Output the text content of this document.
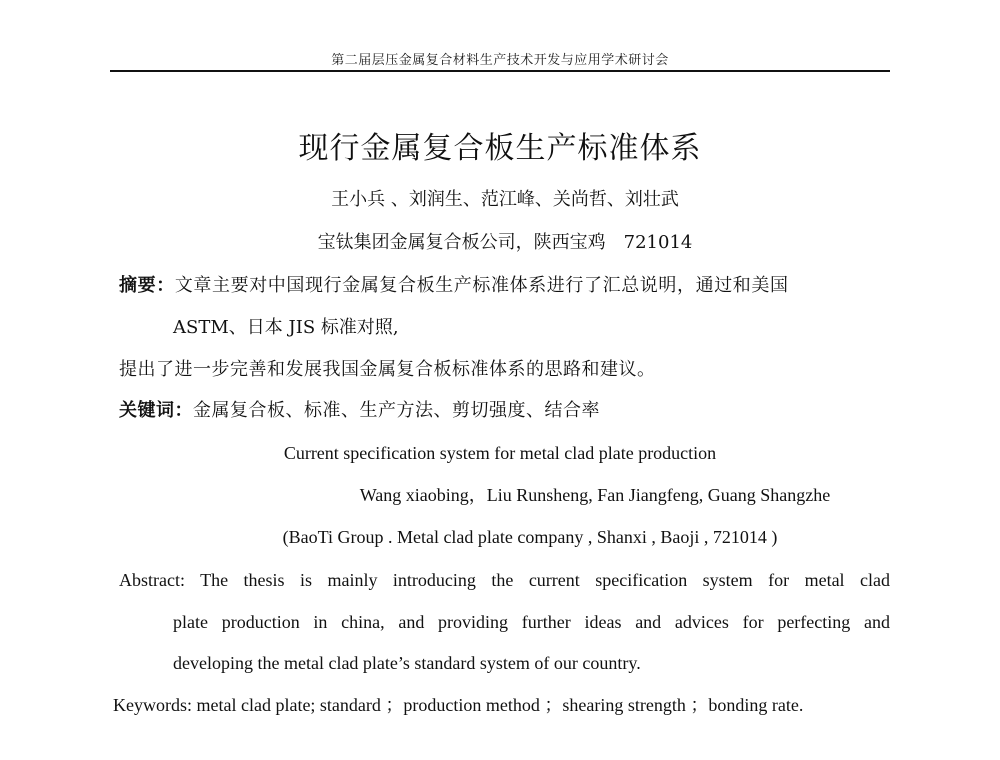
第二届层压金属复合材料生产技术开发与应用学术研讨会
现行金属复合板生产标准体系
王小兵 、刘润生、范江峰、关尚哲、刘壮武
宝钛集团金属复合板公司，陕西宝鸡　721014
摘要：文章主要对中国现行金属复合板生产标准体系进行了汇总说明，通过和美国
ASTM、日本 JIS 标准对照,
提出了进一步完善和发展我国金属复合板标准体系的思路和建议。
关键词：金属复合板、标准、生产方法、剪切强度、结合率
Current specification system for metal clad plate production
Wang xiaobing，Liu Runsheng, Fan Jiangfeng, Guang Shangzhe
(BaoTi Group . Metal clad plate company , Shanxi , Baoji , 721014 )
Abstract: The thesis is mainly introducing the current specification system for metal clad
plate production in china, and providing further ideas and advices for perfecting and
developing the metal clad plate’s standard system of our country.
Keywords: metal clad plate; standard ；production method ；shearing strength ；bonding rate.
